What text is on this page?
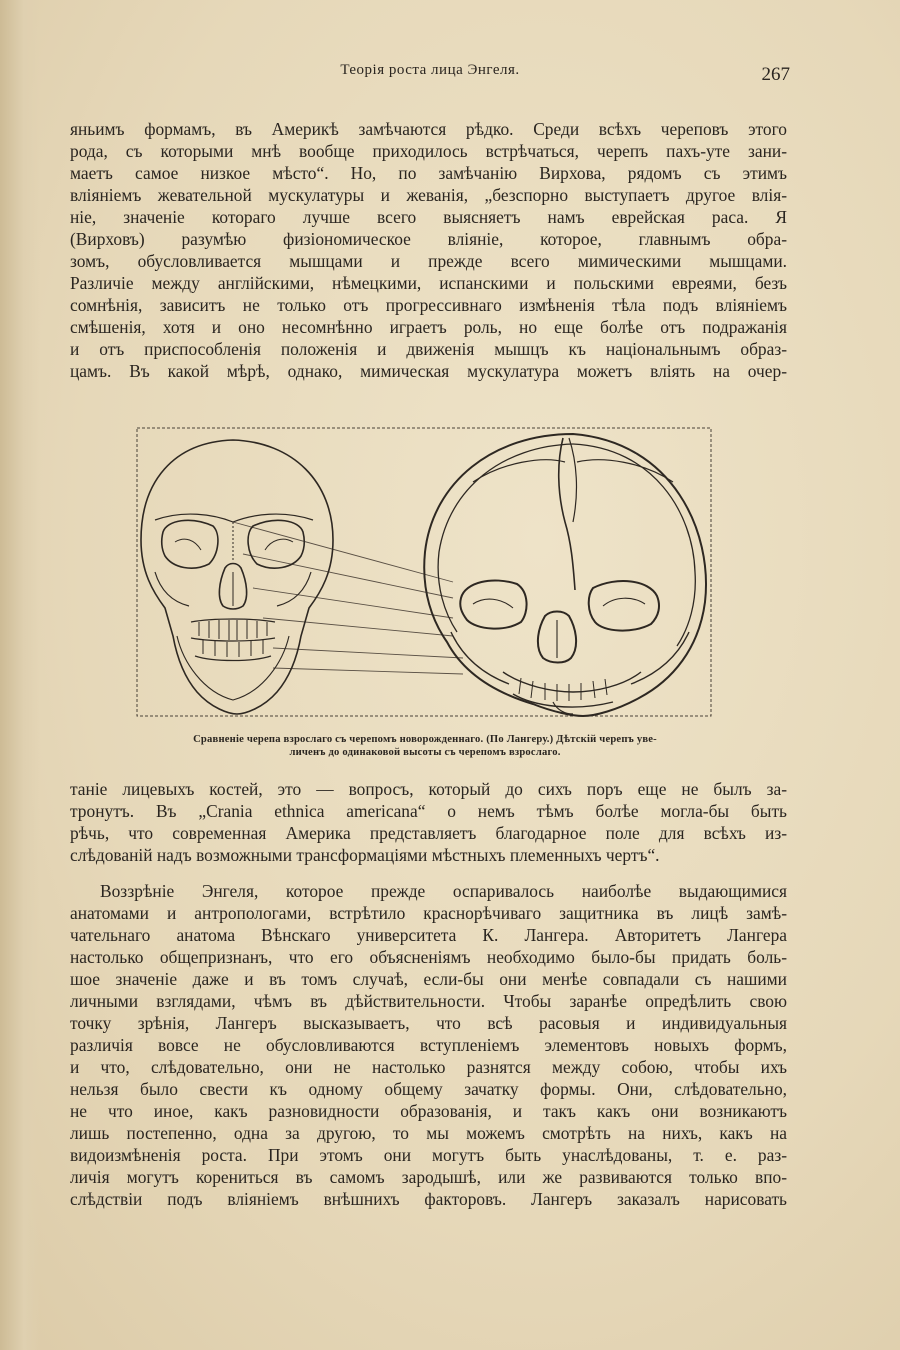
Теорія роста лица Энгеля.	267
яньимъ формамъ, въ Америкѣ замѣчаются рѣдко. Среди всѣхъ череповъ этого
рода, съ которыми мнѣ вообще приходилось встрѣчаться, черепъ пахъ-уте зани-
маетъ самое низкое мѣсто“. Но, по замѣчанію Вирхова, рядомъ съ этимъ
вліяніемъ жевательной мускулатуры и жеванія, „безспорно выступаетъ другое влія-
ніе, значеніе котораго лучше всего выясняетъ намъ еврейская раса. Я
(Вирховъ) разумѣю физіономическое вліяніе, которое, главнымъ обра-
зомъ, обусловливается мышцами и прежде всего мимическими мышцами.
Различіе между англійскими, нѣмецкими, испанскими и польскими евреями, безъ
сомнѣнія, зависитъ не только отъ прогрессивнаго измѣненія тѣла подъ вліяніемъ
смѣшенія, хотя и оно несомнѣнно играетъ роль, но еще болѣе отъ подражанія
и отъ приспособленія положенія и движенія мышцъ къ національнымъ образ-
цамъ. Въ какой мѣрѣ, однако, мимическая мускулатура можетъ вліять на очер-
Сравненіе черепа взрослаго съ черепомъ новорожденнаго. (По Лангеру.) Дѣтскій черепъ уве-
личенъ до одинаковой высоты съ черепомъ взрослаго.
таніе лицевыхъ костей, это — вопросъ, который до сихъ поръ еще не былъ за-
тронутъ. Въ „Crania ethnica americana“ о немъ тѣмъ болѣе могла-бы быть
рѣчь, что современная Америка представляетъ благодарное поле для всѣхъ из-
слѣдованій надъ возможными трансформаціями мѣстныхъ племенныхъ чертъ“.
Воззрѣніе Энгеля, которое прежде оспаривалось наиболѣе выдающимися
анатомами и антропологами, встрѣтило краснорѣчиваго защитника въ лицѣ замѣ-
чательнаго анатома Вѣнскаго университета К. Лангера. Авторитетъ Лангера
настолько общепризнанъ, что его объясненіямъ необходимо было-бы придать боль-
шое значеніе даже и въ томъ случаѣ, если-бы они менѣе совпадали съ нашими
личными взглядами, чѣмъ въ дѣйствительности. Чтобы заранѣе опредѣлить свою
точку зрѣнія, Лангеръ высказываетъ, что всѣ расовыя и индивидуальныя
различія вовсе не обусловливаются вступленіемъ элементовъ новыхъ формъ,
и что, слѣдовательно, они не настолько разнятся между собою, чтобы ихъ
нельзя было свести къ одному общему зачатку формы. Они, слѣдовательно,
не что иное, какъ разновидности образованія, и такъ какъ они возникаютъ
лишь постепенно, одна за другою, то мы можемъ смотрѣть на нихъ, какъ на
видоизмѣненія роста. При этомъ они могутъ быть унаслѣдованы, т. е. раз-
личія могутъ корениться въ самомъ зародышѣ, или же развиваются только впо-
слѣдствіи подъ вліяніемъ внѣшнихъ факторовъ. Лангеръ заказалъ нарисовать
